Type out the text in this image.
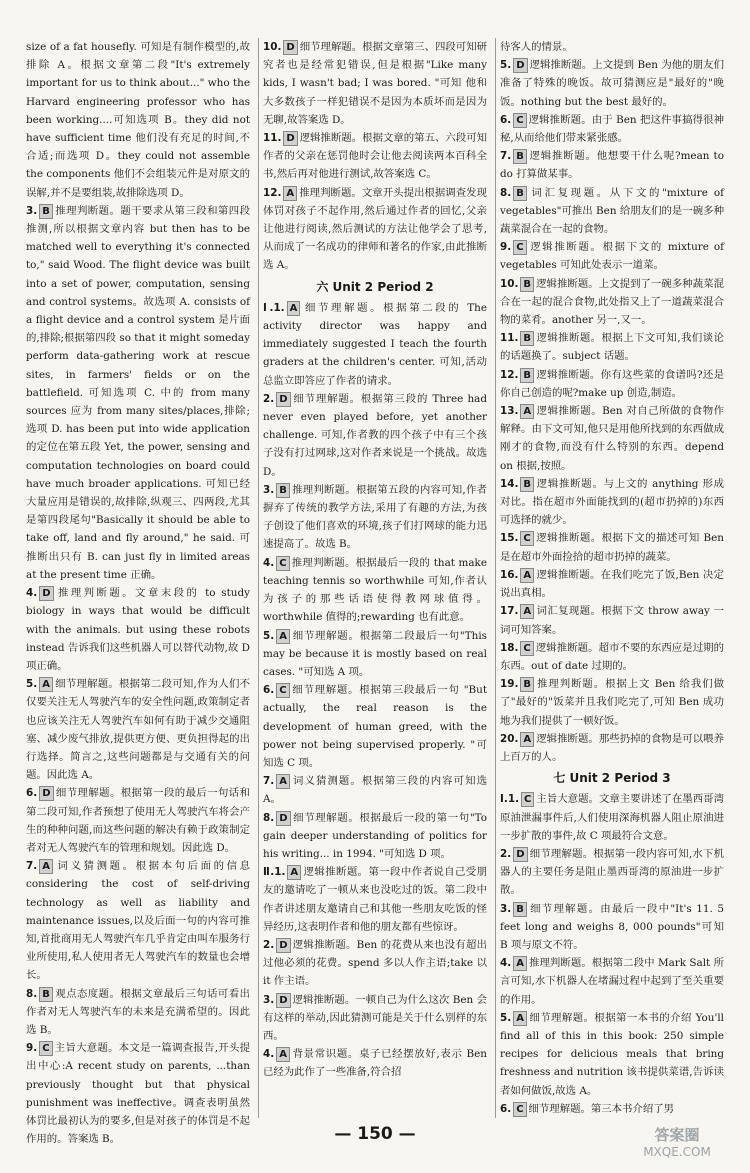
size of a fat housefly. 可知是有制作模型的,故排除 A。根据文章第二段"It's extremely important for us to think about..." who the Harvard engineering professor who has been working....可知选项 B。they did not have sufficient time 他们没有充足的时间,不合适;而选项 D。they could not assemble the components 他们不会组装元件是对原文的误解,并不是要组装,故排除选项 D。

3. B 推理判断题。题干要求从第三段和第四段推测,所以根据文章内容 but then has to be matched well to everything it's connected to," said Wood. The flight device was built into a set of power, computation, sensing and control systems。故选项 A. consists of a flight device and a control system 是片面的,排除;根据第四段 so that it might someday perform data-gathering work at rescue sites, in farmers' fields or on the battlefield. 可知选项 C. 中的 from many sources 应为 from many sites/places,排除;选项 D. has been put into wide application 的定位在第五段 Yet, the power, sensing and computation technologies on board could have much broader applications. 可知已经大量应用是错误的,故排除,纵观三、四两段,尤其是第四段尾句"Basically it should be able to take off, land and fly around," he said. 可推断出只有 B. can just fly in limited areas at the present time 正确。

4. D 推理判断题。文章末段的 to study biology in ways that would be difficult with the animals. but using these robots instead 告诉我们这些机器人可以替代动物,故 D 项正确。

5. A 细节理解题。根据第二段可知,作为人们不仅要关注无人驾驶汽车的安全性问题,政策制定者也应该关注无人驾驶汽车如何有助于减少交通阻塞、减少废气排放,提供更方便、更负担得起的出行选择。简言之,这些问题都是与交通有关的问题。因此选 A。

6. D 细节理解题。根据第一段的最后一句话和第二段可知,作者预想了使用无人驾驶汽车将会产生的种种问题,而这些问题的解决有赖于政策制定者对无人驾驶汽车的管理和规划。因此选 D。

7. A 词义猜测题。根据本句后面的信息 considering the cost of self-driving technology as well as liability and maintenance issues,以及后面一句的内容可推知,首批商用无人驾驶汽车几乎肯定由叫车服务行业所使用,私人使用者无人驾驶汽车的数量也会增长。

8. B 观点态度题。根据文章最后三句话可看出作者对无人驾驶汽车的未来是充满希望的。因此选 B。

9. C 主旨大意题。本文是一篇调查报告,开头提出中心:A recent study on parents, ...than previously thought but that physical punishment was ineffective。调查表明虽然体罚比最初认为的要多,但是对孩子的体罚是不起作用的。答案选 B。

10. D 细节理解题。根据文章第三、四段可知研究者也是经常犯错误,但是根据"Like many kids, I wasn't bad; I was bored. "可知 他和大多数孩子一样犯错误不是因为本质坏而是因为无聊,故答案选 D。

11. D 逻辑推断题。根据文章的第五、六段可知作者的父亲在惩罚他时会让他去阅读两本百科全书,然后再对他进行测试,故答案选 C。

12. A 推理判断题。文章开头提出根据调查发现体罚对孩子不起作用,然后通过作者的回忆,父亲让他进行阅读,然后测试的方法让他学会了思考,从而成了一名成功的律师和著名的作家,由此推断选 A。

六 Unit 2 Period 2

Ⅰ.1. A 细节理解题。根据第二段的 The activity director was happy and immediately suggested I teach the fourth graders at the children's center. 可知,活动总监立即答应了作者的请求。

2. D 细节理解题。根据第三段的 Three had never even played before, yet another challenge. 可知,作者教的四个孩子中有三个孩子没有打过网球,这对作者来说是一个挑战。故选 D。

3. B 推理判断题。根据第五段的内容可知,作者摒弃了传统的教学方法,采用了有趣的方法,为孩子创设了他们喜欢的环境,孩子们打网球的能力迅速提高了。故选 B。

4. C 推理判断题。根据最后一段的 that make teaching tennis so worthwhile 可知,作者认为孩子的那些话语使得教网球值得。worthwhile 值得的;rewarding 也有此意。

5. A 细节理解题。根据第二段最后一句"This may be because it is mostly based on real cases. "可知选 A 项。

6. C 细节理解题。根据第三段最后一句 "But actually, the real reason is the development of human greed, with the power not being supervised properly. "可知选 C 项。

7. A 词义猜测题。根据第三段的内容可知选 A。

8. D 细节理解题。根据最后一段的第一句"To gain deeper understanding of politics for his writing... in 1994. "可知选 D 项。

Ⅱ.1. A 逻辑推断题。第一段中作者说自己受朋友的邀请吃了一顿从来也没吃过的饭。第二段中作者讲述朋友邀请自己和其他一些朋友吃饭的怪异经历,这表明作者和他的朋友都有些惊讶。

2. D 逻辑推断题。Ben 的花费从来也没有超出过他必须的花费。spend 多以人作主语;take 以 it 作主语。

3. D 逻辑推断题。一顿自己为什么这次 Ben 会有这样的举动,因此猜测可能是关于什么别样的东西。

4. A 背景常识题。桌子已经摆放好,表示 Ben 已经为此作了一些准备,符合招

待客人的情景。

5. D 逻辑推断题。上文提到 Ben 为他的朋友们准备了特殊的晚饭。故可猜测应是"最好的"晚饭。nothing but the best 最好的。

6. C 逻辑推断题。由于 Ben 把这件事搞得很神秘,从而给他们带来紧张感。

7. B 逻辑推断题。他想要干什么呢?mean to do 打算做某事。

8. B 词汇复现题。从下文的"mixture of vegetables"可推出 Ben 给朋友们的是一碗多种蔬菜混合在一起的食物。

9. C 逻辑推断题。根据下文的 mixture of vegetables 可知此处表示一道菜。

10. B 逻辑推断题。上文提到了一碗多种蔬菜混合在一起的混合食物,此处指又上了一道蔬菜混合物的菜肴。another 另一,又一。

11. B 逻辑推断题。根据上下文可知,我们谈论的话题换了。subject 话题。

12. B 逻辑推断题。你有这些菜的食谱吗?还是你自己创造的呢?make up 创造,制造。

13. A 逻辑推断题。Ben 对自己所做的食物作解释。由下文可知,他只是用他所找到的东西做成刚才的食物,而没有什么特别的东西。depend on 根据,按照。

14. B 逻辑推断题。与上文的 anything 形成对比。指在超市外面能找到的(超市扔掉的)东西可选择的就少。

15. C 逻辑推断题。根据下文的描述可知 Ben 是在超市外面捡拾的超市扔掉的蔬菜。

16. A 逻辑推断题。在我们吃完了饭,Ben 决定说出真相。

17. A 词汇复现题。根据下文 throw away 一词可知答案。

18. C 逻辑推断题。超市不要的东西应是过期的东西。out of date 过期的。

19. B 推理判断题。根据上文 Ben 给我们做了"最好的"饭菜并且我们吃完了,可知 Ben 成功地为我们提供了一顿好饭。

20. A 逻辑推断题。那些扔掉的食物是可以喂养上百万的人。

七 Unit 2 Period 3

Ⅰ.1. C 主旨大意题。文章主要讲述了在墨西哥湾原油泄漏事件后,人们使用深海机器人阻止原油进一步扩散的事件,故 C 项最符合文意。

2. D 细节理解题。根据第一段内容可知,水下机器人的主要任务是阻止墨西哥湾的原油进一步扩散。

3. B 细节理解题。由最后一段中"It's 11. 5 feet long and weighs 8, 000 pounds"可知 B 项与原文不符。

4. A 推理判断题。根据第二段中 Mark Salt 所言可知,水下机器人在堵漏过程中起到了至关重要的作用。

5. A 细节理解题。根据第一本书的介绍 You'll find all of this in this book: 250 simple recipes for delicious meals that bring freshness and nutrition 该书提供菜谱,告诉读者如何做饭,故选 A。

6. C 细节理解题。第三本书介绍了男

— 150 —	答案圈
MXQE.COM
